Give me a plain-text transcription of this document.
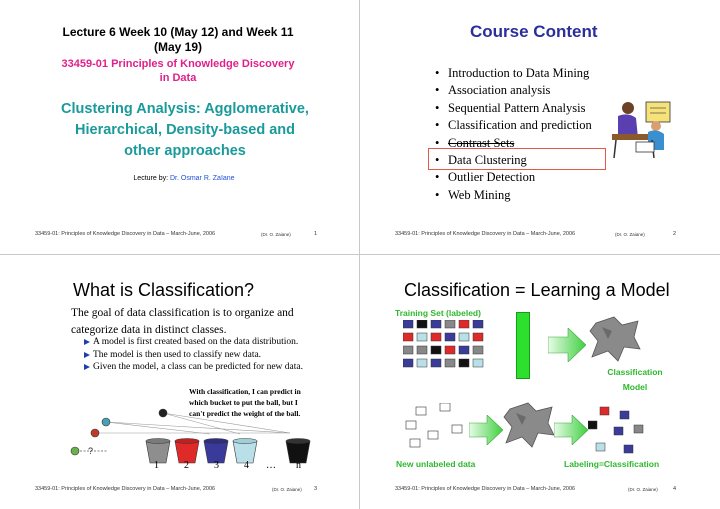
Lecture 6 Week 10 (May 12) and Week 11
(May 19)
33459-01 Principles of Knowledge Discovery
in Data
Clustering Analysis: Agglomerative,
Hierarchical, Density-based and
other approaches
Lecture by: Dr. Osmar R. Zaïane
33459-01: Principles of Knowledge Discovery in Data – March-June, 2006	(Dr. O. Zaiane)	1
Course Content
• Introduction to Data Mining
• Association analysis
• Sequential Pattern Analysis
• Classification and prediction
• Contrast Sets
• Data Clustering
• Outlier Detection
• Web Mining
33459-01: Principles of Knowledge Discovery in Data – March-June, 2006	(Dr. O. Zaiane)	2
What is Classification?
The goal of data classification is to organize and
categorize data in distinct classes.
A model is first created based on the data distribution.
The model is then used to classify new data.
Given the model, a class can be predicted for new data.
With classification, I can predict in
which bucket to put the ball, but I
can't predict the weight of the ball.
?
1	2	3	4 … n
33459-01: Principles of Knowledge Discovery in Data – March-June, 2006	(Dr. O. Zaiane) 3
Classification = Learning a Model
Training Set (labeled)
Classification
Model
New unlabeled data	Labeling=Classification
33459-01: Principles of Knowledge Discovery in Data – March-June, 2006	(Dr. O. Zaiane)	4
